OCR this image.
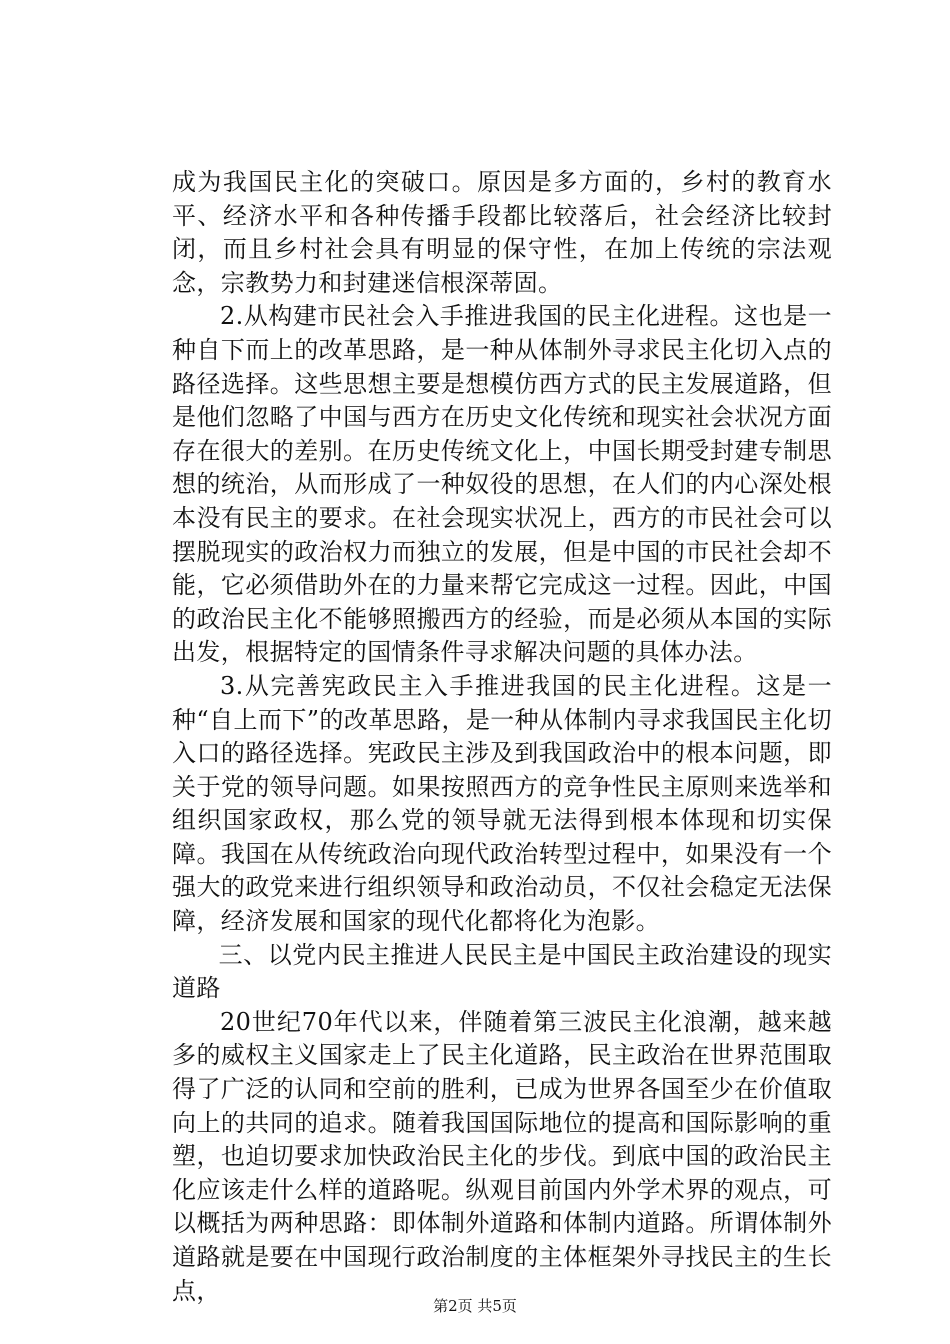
成为我国民主化的突破口。原因是多方面的，乡村的教育水平、经济水平和各种传播手段都比较落后，社会经济比较封闭，而且乡村社会具有明显的保守性，在加上传统的宗法观念，宗教势力和封建迷信根深蒂固。

2.从构建市民社会入手推进我国的民主化进程。这也是一种自下而上的改革思路，是一种从体制外寻求民主化切入点的路径选择。这些思想主要是想模仿西方式的民主发展道路，但是他们忽略了中国与西方在历史文化传统和现实社会状况方面存在很大的差别。在历史传统文化上，中国长期受封建专制思想的统治，从而形成了一种奴役的思想，在人们的内心深处根本没有民主的要求。在社会现实状况上，西方的市民社会可以摆脱现实的政治权力而独立的发展，但是中国的市民社会却不能，它必须借助外在的力量来帮它完成这一过程。因此，中国的政治民主化不能够照搬西方的经验，而是必须从本国的实际出发，根据特定的国情条件寻求解决问题的具体办法。

3.从完善宪政民主入手推进我国的民主化进程。这是一种“自上而下”的改革思路，是一种从体制内寻求我国民主化切入口的路径选择。宪政民主涉及到我国政治中的根本问题，即关于党的领导问题。如果按照西方的竞争性民主原则来选举和组织国家政权，那么党的领导就无法得到根本体现和切实保障。我国在从传统政治向现代政治转型过程中，如果没有一个强大的政党来进行组织领导和政治动员，不仅社会稳定无法保障，经济发展和国家的现代化都将化为泡影。

三、以党内民主推进人民民主是中国民主政治建设的现实道路

20世纪70年代以来，伴随着第三波民主化浪潮，越来越多的威权主义国家走上了民主化道路，民主政治在世界范围取得了广泛的认同和空前的胜利，已成为世界各国至少在价值取向上的共同的追求。随着我国国际地位的提高和国际影响的重塑，也迫切要求加快政治民主化的步伐。到底中国的政治民主化应该走什么样的道路呢。纵观目前国内外学术界的观点，可以概括为两种思路：即体制外道路和体制内道路。所谓体制外道路就是要在中国现行政治制度的主体框架外寻找民主的生长点，

第2页 共5页
